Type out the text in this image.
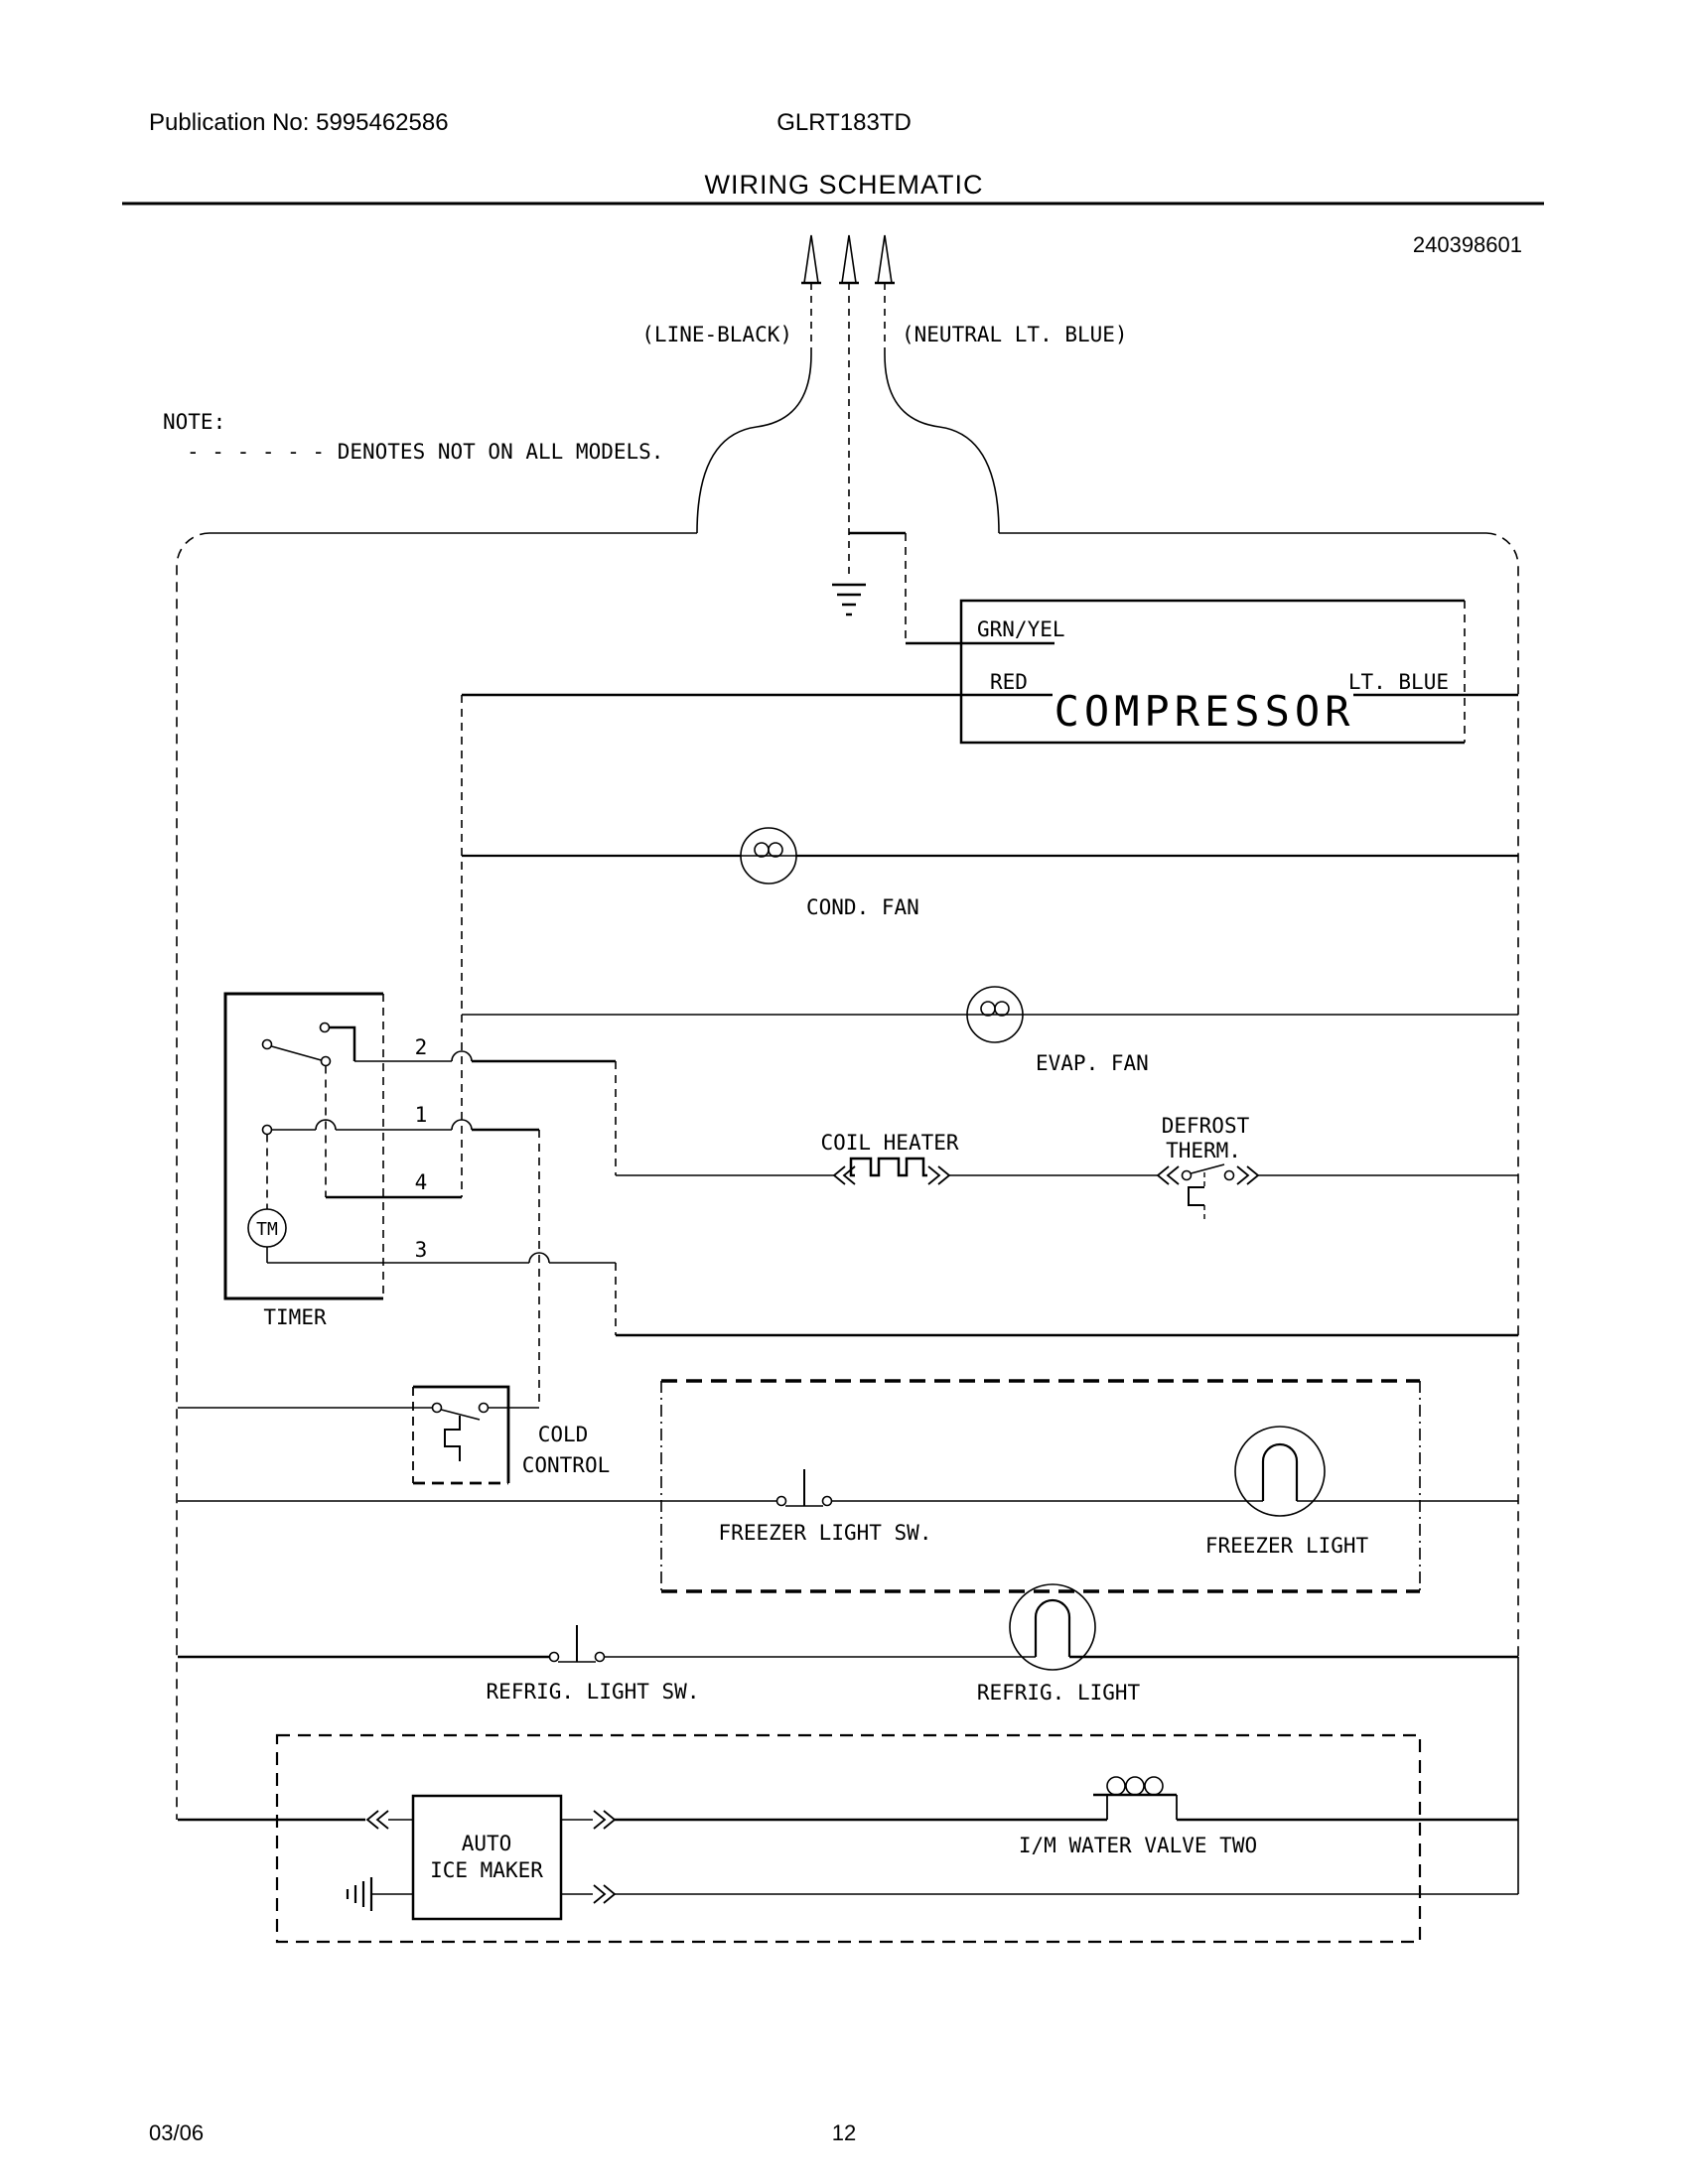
Publication No: 5995462586	GLRT183TD
WIRING SCHEMATIC
240398601
NOTE:
- - - - - - DENOTES NOT ON ALL MODELS.
(LINE-BLACK)	(NEUTRAL LT. BLUE)
GRN/YEL
RED	LT. BLUE
COMPRESSOR
COND. FAN
EVAP. FAN
TIMER
2
1
4
TM
3
COIL HEATER
DEFROST
THERM.
COLD
CONTROL
FREEZER LIGHT SW.
FREEZER LIGHT
REFRIG. LIGHT SW.	REFRIG. LIGHT
AUTO
ICE MAKER
I/M WATER VALVE TWO
03/06	12
